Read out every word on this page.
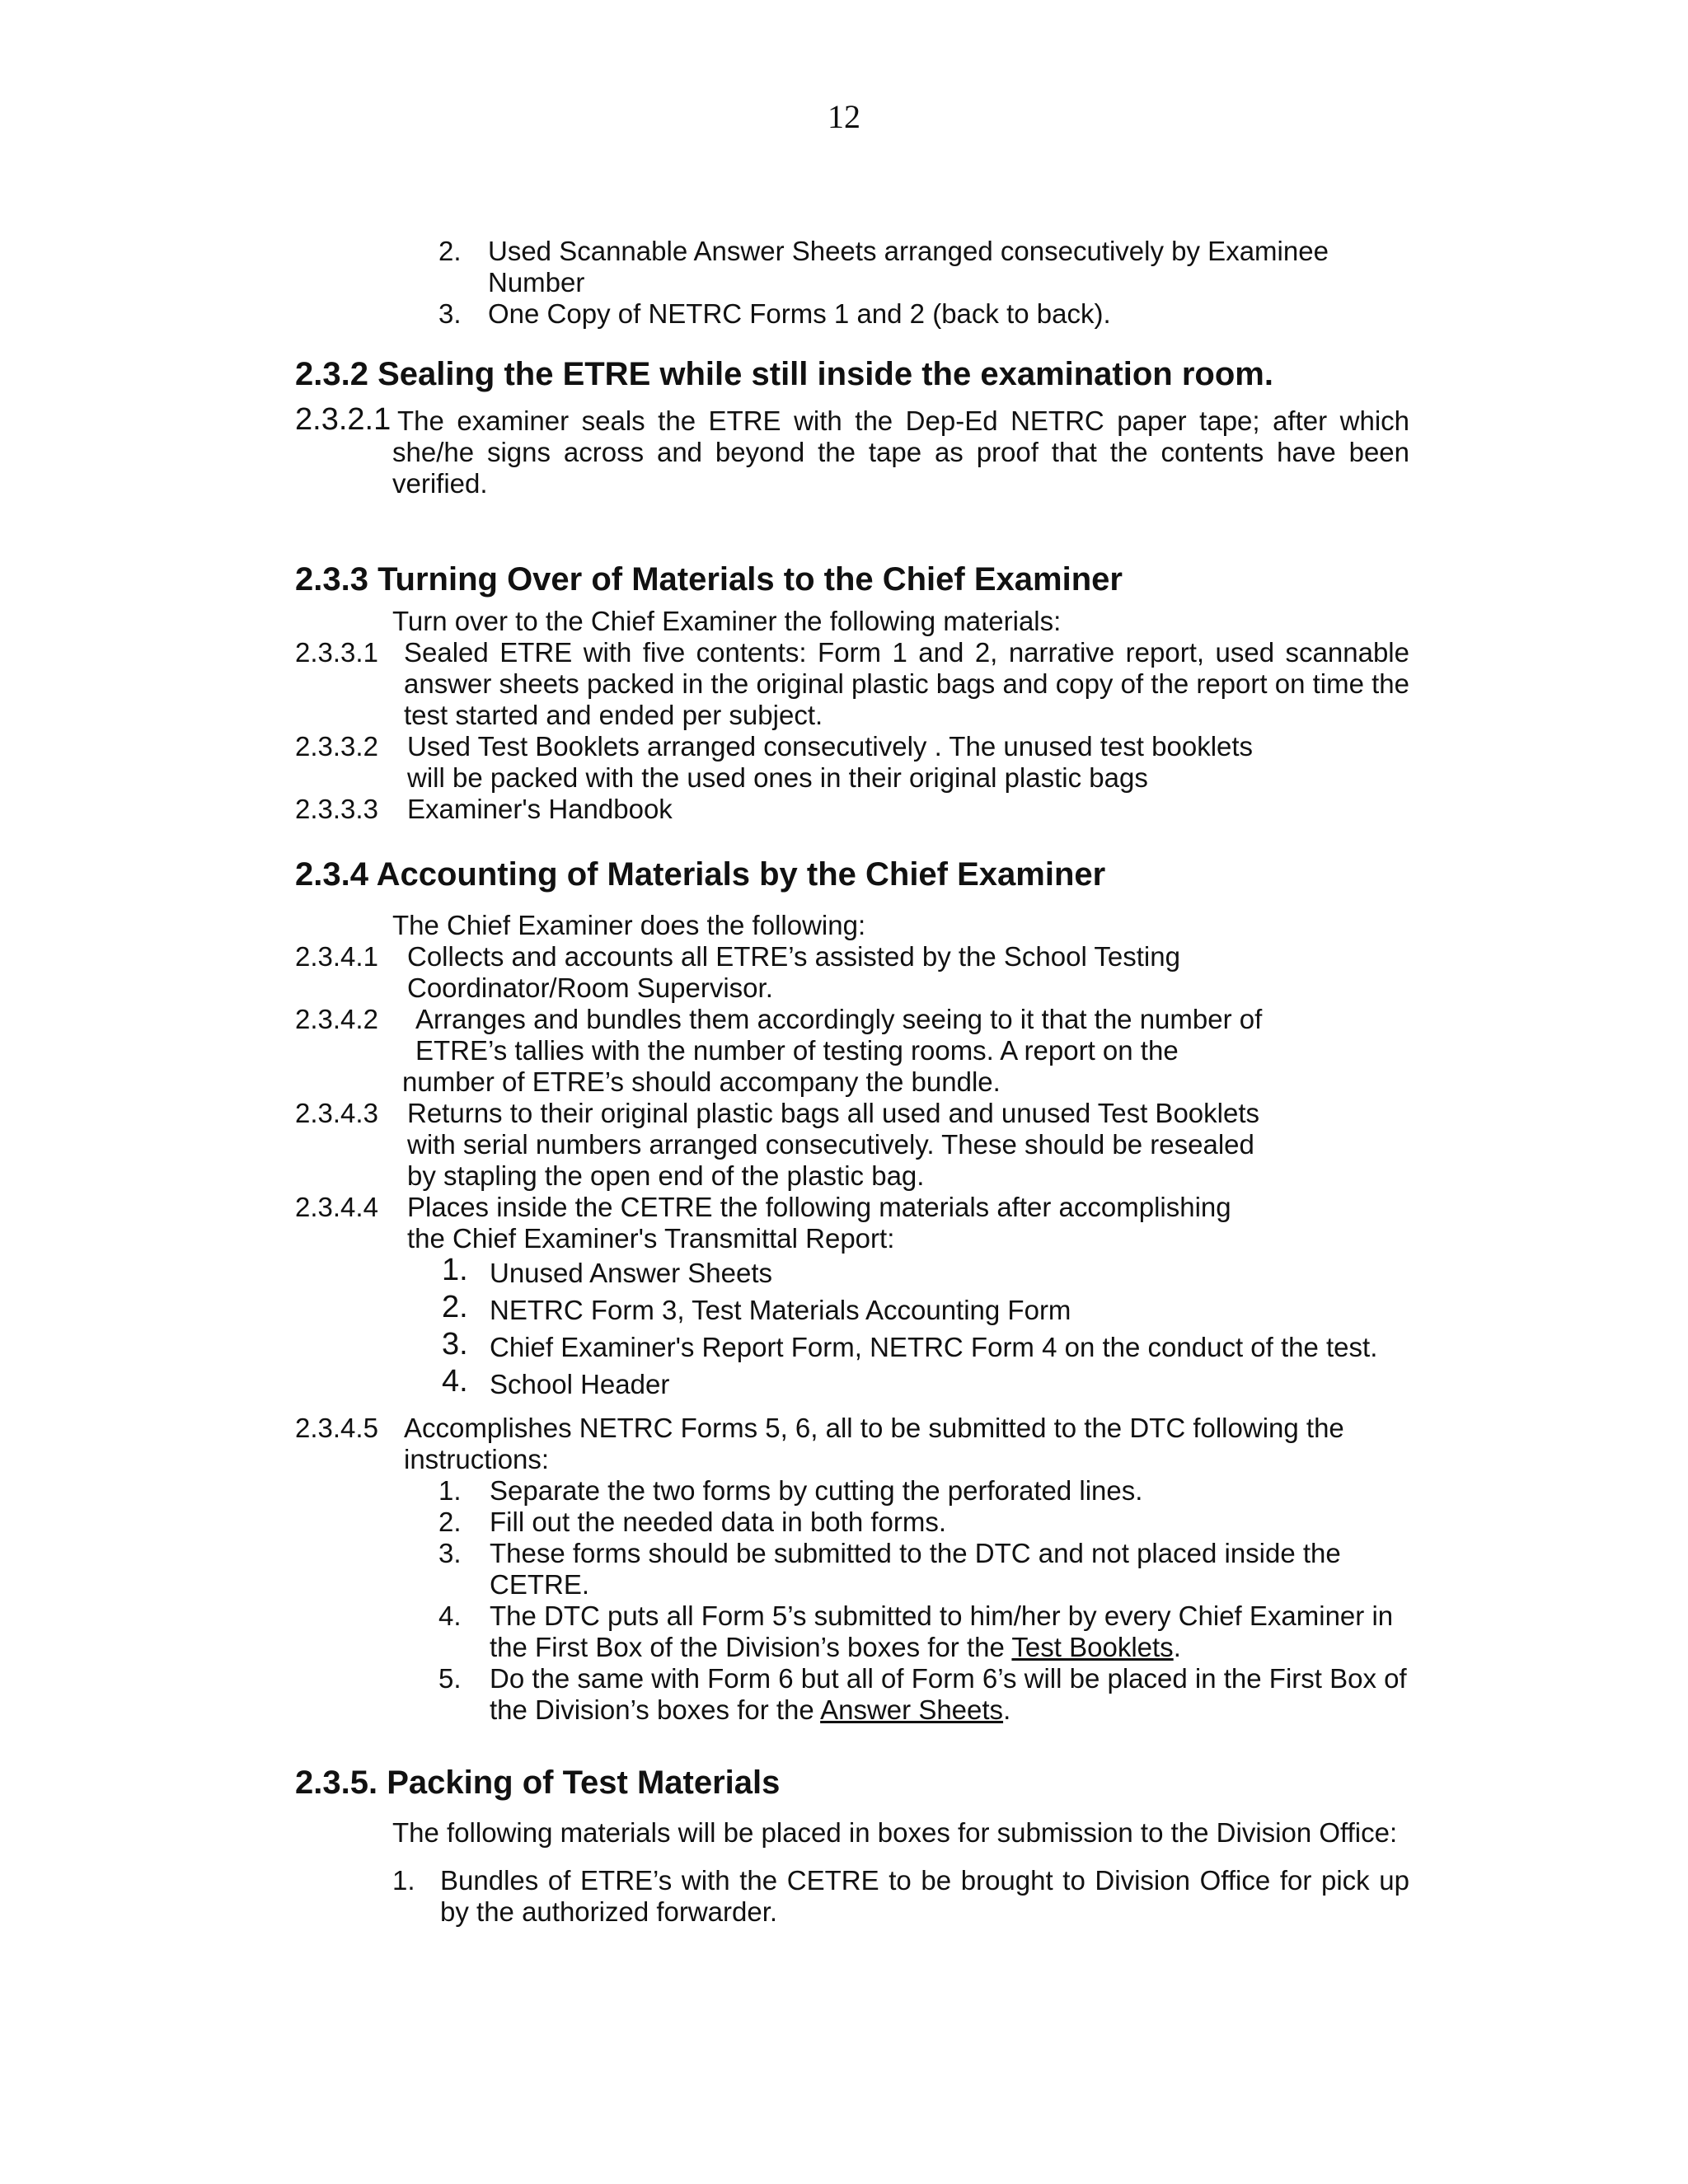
12
2. Used Scannable Answer Sheets arranged consecutively by Examinee
Number
3. One Copy of NETRC Forms 1 and 2 (back to back).
2.3.2 Sealing the ETRE while still inside the examination room.
2.3.2.1 The examiner seals the ETRE with the Dep-Ed NETRC paper tape; after which
she/he signs across and beyond the tape as proof that the contents have been
verified.
2.3.3 Turning Over of Materials to the Chief Examiner
Turn over to the Chief Examiner the following materials:
2.3.3.1 Sealed ETRE with five contents: Form 1 and 2, narrative report, used scannable
answer sheets packed in the original plastic bags and copy of the report on time the
test started and ended per subject.
2.3.3.2 Used Test Booklets arranged consecutively . The unused test booklets
will be packed with the used ones in their original plastic bags
2.3.3.3 Examiner's Handbook
2.3.4 Accounting of Materials by the Chief Examiner
The Chief Examiner does the following:
2.3.4.1 Collects and accounts all ETRE’s assisted by the School Testing
Coordinator/Room Supervisor.
2.3.4.2 Arranges and bundles them accordingly seeing to it that the number of
ETRE’s tallies with the number of testing rooms. A report on the
number of ETRE’s should accompany the bundle.
2.3.4.3 Returns to their original plastic bags all used and unused Test Booklets
with serial numbers arranged consecutively. These should be resealed
by stapling the open end of the plastic bag.
2.3.4.4 Places inside the CETRE the following materials after accomplishing
the Chief Examiner's Transmittal Report:
1. Unused Answer Sheets
2. NETRC Form 3, Test Materials Accounting Form
3. Chief Examiner's Report Form, NETRC Form 4 on the conduct of the test.
4. School Header
2.3.4.5 Accomplishes NETRC Forms 5, 6, all to be submitted to the DTC following the
instructions:
1. Separate the two forms by cutting the perforated lines.
2. Fill out the needed data in both forms.
3. These forms should be submitted to the DTC and not placed inside the
CETRE.
4. The DTC puts all Form 5’s submitted to him/her by every Chief Examiner in
the First Box of the Division’s boxes for the Test Booklets.
5. Do the same with Form 6 but all of Form 6’s will be placed in the First Box of
the Division’s boxes for the Answer Sheets.
2.3.5. Packing of Test Materials
The following materials will be placed in boxes for submission to the Division Office:
1. Bundles of ETRE’s with the CETRE to be brought to Division Office for pick up
by the authorized forwarder.
